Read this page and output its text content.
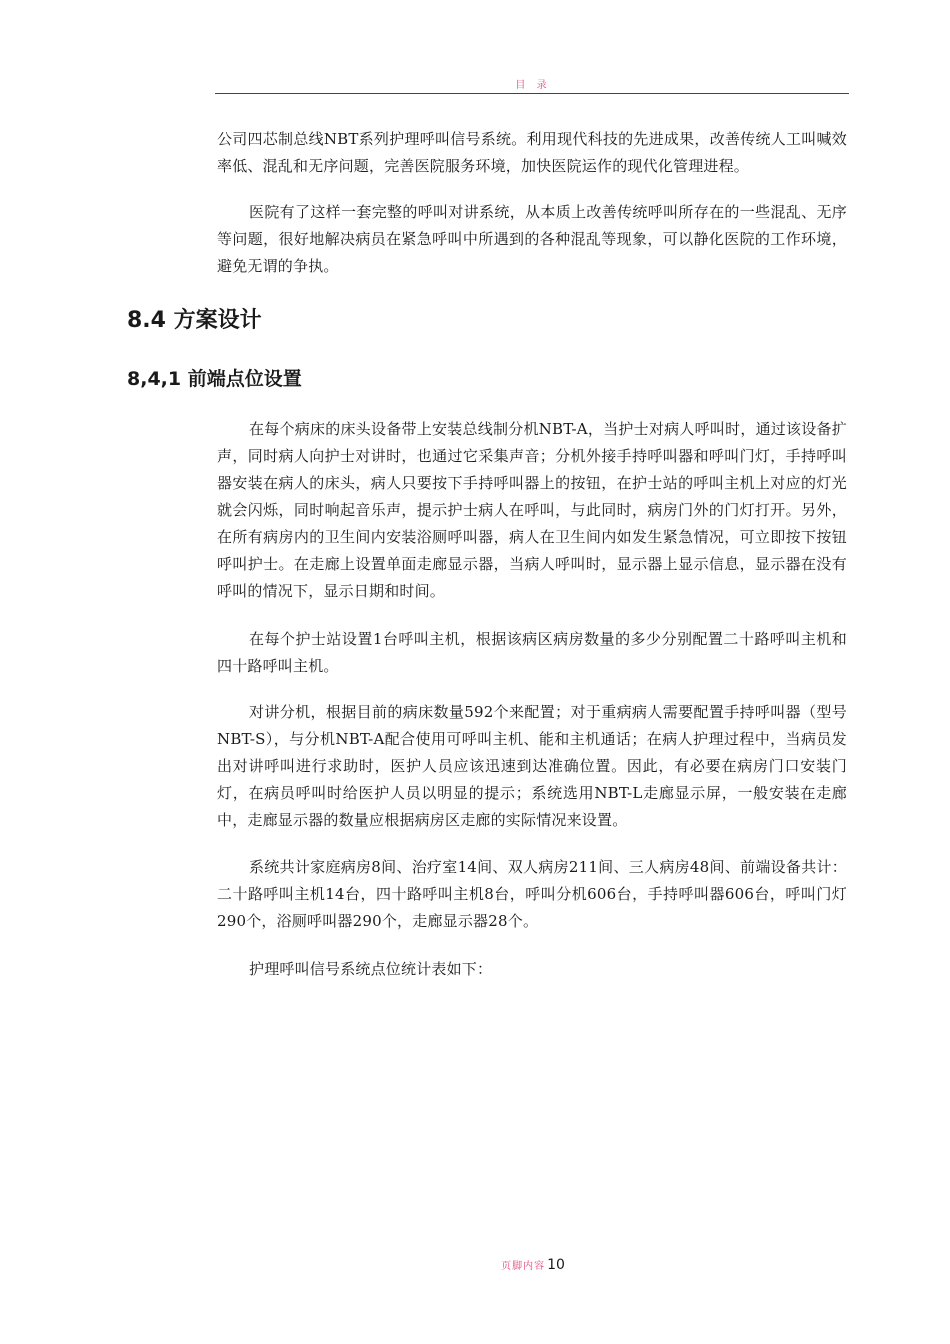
目 录

公司四芯制总线NBT系列护理呼叫信号系统。利用现代科技的先进成果，改善传统人工叫喊效率低、混乱和无序问题，完善医院服务环境，加快医院运作的现代化管理进程。

医院有了这样一套完整的呼叫对讲系统，从本质上改善传统呼叫所存在的一些混乱、无序等问题，很好地解决病员在紧急呼叫中所遇到的各种混乱等现象，可以静化医院的工作环境，避免无谓的争执。

8.4 方案设计
8,4,1 前端点位设置

在每个病床的床头设备带上安装总线制分机NBT-A，当护士对病人呼叫时，通过该设备扩声，同时病人向护士对讲时，也通过它采集声音；分机外接手持呼叫器和呼叫门灯，手持呼叫器安装在病人的床头，病人只要按下手持呼叫器上的按钮，在护士站的呼叫主机上对应的灯光就会闪烁，同时响起音乐声，提示护士病人在呼叫，与此同时，病房门外的门灯打开。另外，在所有病房内的卫生间内安装浴厕呼叫器，病人在卫生间内如发生紧急情况，可立即按下按钮呼叫护士。在走廊上设置单面走廊显示器，当病人呼叫时，显示器上显示信息，显示器在没有呼叫的情况下，显示日期和时间。

在每个护士站设置1台呼叫主机，根据该病区病房数量的多少分别配置二十路呼叫主机和四十路呼叫主机。

对讲分机，根据目前的病床数量592个来配置；对于重病病人需要配置手持呼叫器（型号NBT-S），与分机NBT-A配合使用可呼叫主机、能和主机通话；在病人护理过程中，当病员发出对讲呼叫进行求助时，医护人员应该迅速到达准确位置。因此，有必要在病房门口安装门灯，在病员呼叫时给医护人员以明显的提示；系统选用NBT-L走廊显示屏，一般安装在走廊中，走廊显示器的数量应根据病房区走廊的实际情况来设置。

系统共计家庭病房8间、治疗室14间、双人病房211间、三人病房48间、前端设备共计：二十路呼叫主机14台，四十路呼叫主机8台，呼叫分机606台，手持呼叫器606台，呼叫门灯290个，浴厕呼叫器290个，走廊显示器28个。

护理呼叫信号系统点位统计表如下：

页脚内容 10
